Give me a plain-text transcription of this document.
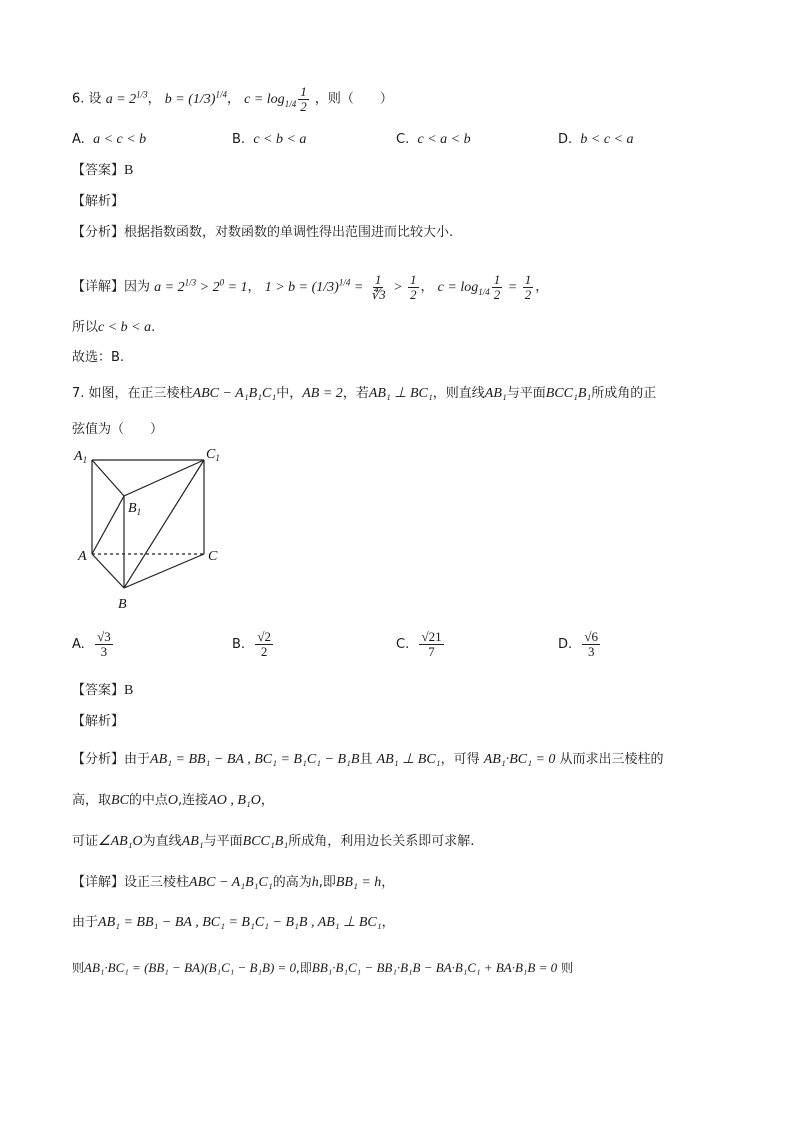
6. 设 $a = 2^{1/3}$， $b = (1/3)^{1/4}$， $c = \log_{1/4} \frac{1}{2}$ ，则（　　）
A. a < c < b	B. c < b < a	C. c < a < b	D. b < c < a
【答案】B
【解析】
【分析】根据指数函数，对数函数的单调性得出范围进而比较大小.
【详解】因为 $a = 2^{1/3} > 2^0 = 1$， $1 > b = (1/3)^{1/4} = \frac{1}{∜3} > \frac{1}{2}$ ， $c = \log_{1/4} \frac{1}{2} = \frac{1}{2}$ ，
所以c < b < a.
故选：B.
7. 如图，在正三棱柱ABC − A₁B₁C₁中，AB = 2，若AB₁ ⊥ BC₁，则直线AB₁与平面BCC₁B₁所成角的正
弦值为（　　）
$A_1$	$C_1$
$B_1$
A	C
B
A. $\frac{√3}{3}$	B. $\frac{√2}{2}$	C. $\frac{√21}{7}$	D. $\frac{√6}{3}$
【答案】B
【解析】
【分析】由于AB₁ = BB₁ − BA , BC₁ = B₁C₁ − B₁B且 AB₁ ⊥ BC₁，可得 AB₁·BC₁ = 0 从而求出三棱柱的
高，取BC的中点O,连接AO , B₁O，
可证∠AB₁O为直线AB₁与平面BCC₁B₁所成角，利用边长关系即可求解.
【详解】设正三棱柱ABC − A₁B₁C₁的高为h,即BB₁ = h，
由于AB₁ = BB₁ − BA , BC₁ = B₁C₁ − B₁B , AB₁ ⊥ BC₁，
则AB₁·BC₁ = (BB₁ − BA)(B₁C₁ − B₁B) = 0,即BB₁·B₁C₁ − BB₁·B₁B − BA·B₁C₁ + BA·B₁B = 0 则
